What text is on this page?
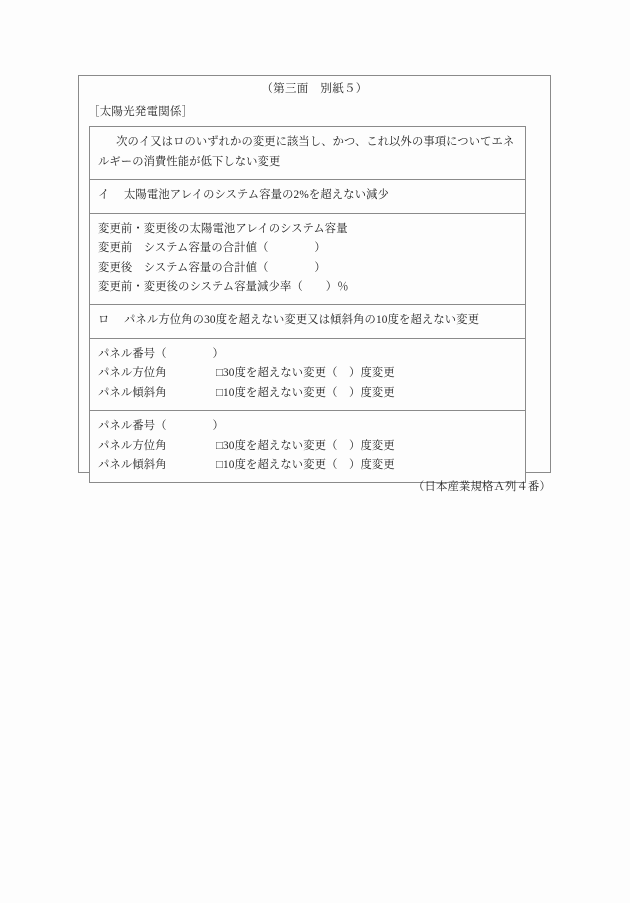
（第三面　別紙５）
［太陽光発電関係］
次のイ又はロのいずれかの変更に該当し、かつ、これ以外の事項についてエネルギーの消費性能が低下しない変更
イ 太陽電池アレイのシステム容量の2%を超えない減少
変更前・変更後の太陽電池アレイのシステム容量
変更前　システム容量の合計値（　　　　）
変更後　システム容量の合計値（　　　　）
変更前・変更後のシステム容量減少率（　　）％
ロ パネル方位角の30度を超えない変更又は傾斜角の10度を超えない変更
パネル番号（　　　　）
パネル方位角	□30度を超えない変更（　）度変更
パネル傾斜角	□10度を超えない変更（　）度変更
パネル番号（　　　　）
パネル方位角	□30度を超えない変更（　）度変更
パネル傾斜角	□10度を超えない変更（　）度変更
（日本産業規格Ａ列４番）
